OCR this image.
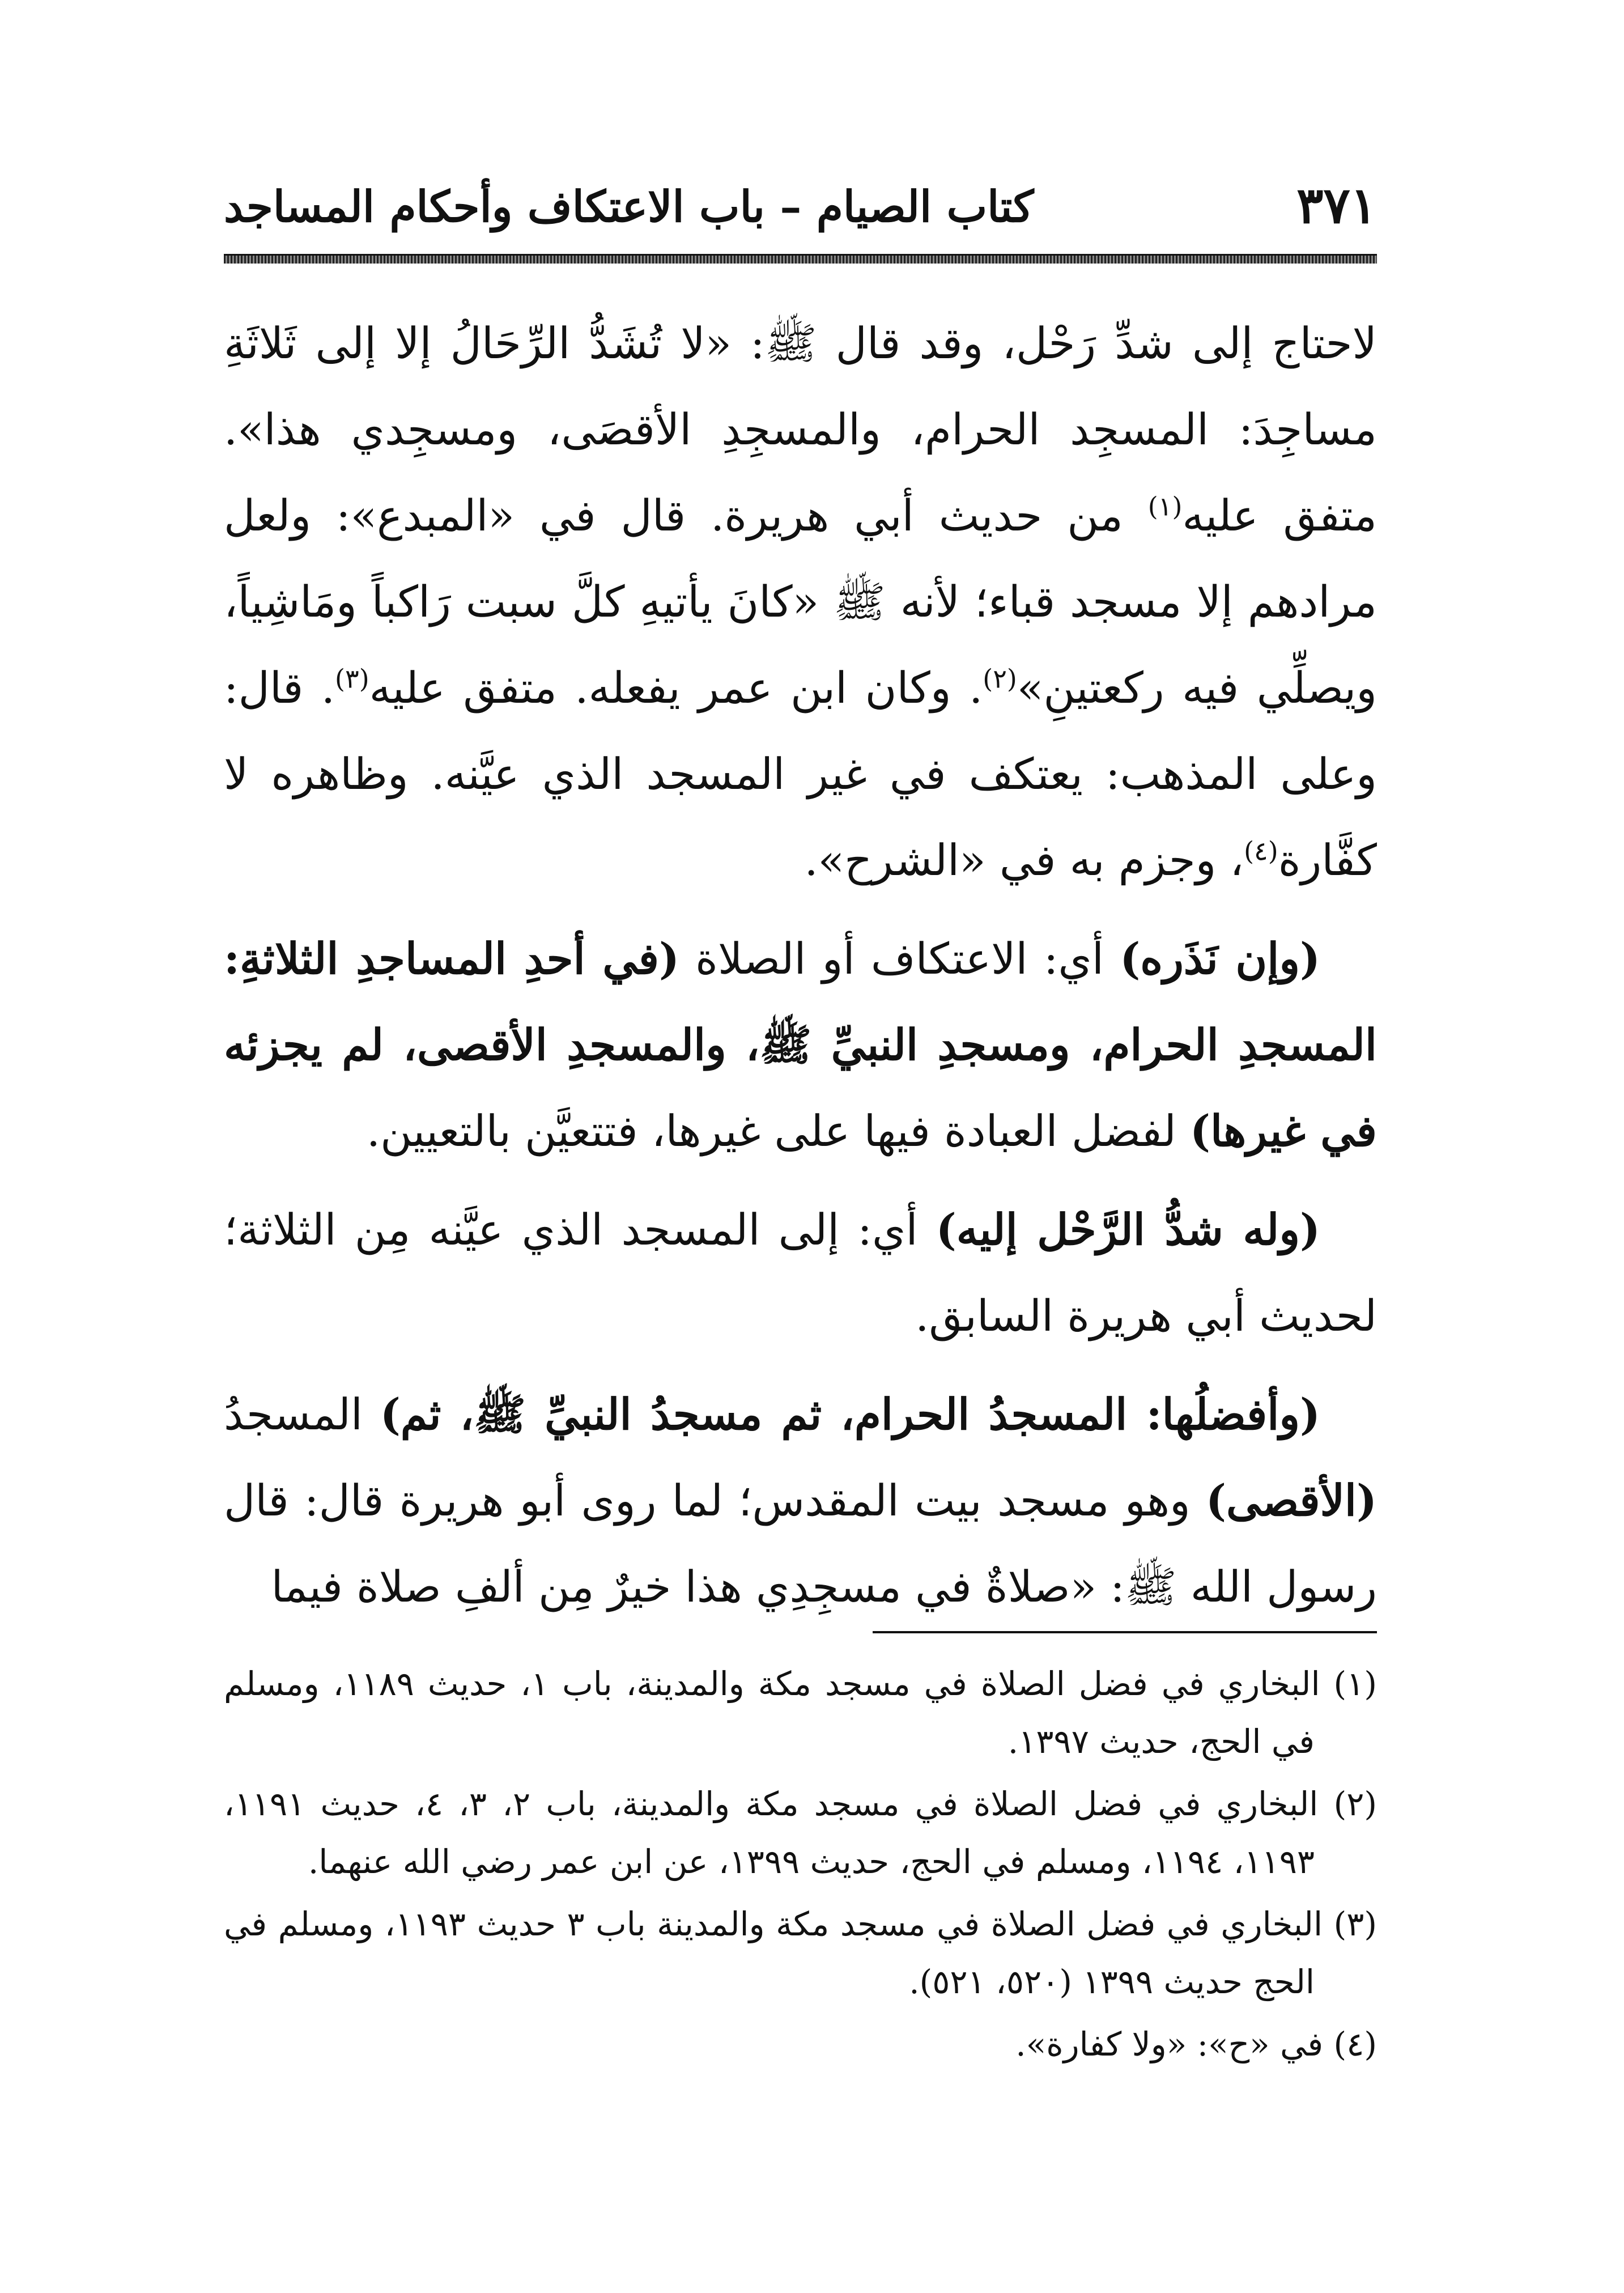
كتاب الصيام – باب الاعتكاف وأحكام المساجد	٣٧١

لاحتاج إلى شدِّ رَحْل، وقد قال ﷺ: «لا تُشَدُّ الرِّحَالُ إلا إلى ثَلاثَةِ مساجِدَ: المسجِد الحرام، والمسجِدِ الأقصَى، ومسجِدي هذا». متفق عليه$^{(١)}$ من حديث أبي هريرة. قال في «المبدع»: ولعل مرادهم إلا مسجد قباء؛ لأنه ﷺ «كانَ يأتيهِ كلَّ سبت رَاكباً ومَاشِياً، ويصلِّي فيه ركعتينِ»$^{(٢)}$. وكان ابن عمر يفعله. متفق عليه$^{(٣)}$. قال: وعلى المذهب: يعتكف في غير المسجد الذي عيَّنه. وظاهره لا كفَّارة$^{(٤)}$، وجزم به في «الشرح».

(وإن نَذَره) أي: الاعتكاف أو الصلاة (في أحدِ المساجدِ الثلاثةِ: المسجدِ الحرام، ومسجدِ النبيِّ ﷺ، والمسجدِ الأقصى، لم يجزئه في غيرها) لفضل العبادة فيها على غيرها، فتتعيَّن بالتعيين.

(وله شدُّ الرَّحْل إليه) أي: إلى المسجد الذي عيَّنه مِن الثلاثة؛ لحديث أبي هريرة السابق.

(وأفضلُها: المسجدُ الحرام، ثم مسجدُ النبيِّ ﷺ، ثم) المسجدُ (الأقصى) وهو مسجد بيت المقدس؛ لما روى أبو هريرة قال: قال رسول الله ﷺ: «صلاةٌ في مسجِدِي هذا خيرٌ مِن ألفِ صلاة فيما

(١) البخاري في فضل الصلاة في مسجد مكة والمدينة، باب ١، حديث ١١٨٩، ومسلم في الحج، حديث ١٣٩٧.

(٢) البخاري في فضل الصلاة في مسجد مكة والمدينة، باب ٢، ٣، ٤، حديث ١١٩١، ١١٩٣، ١١٩٤، ومسلم في الحج، حديث ١٣٩٩، عن ابن عمر رضي الله عنهما.

(٣) البخاري في فضل الصلاة في مسجد مكة والمدينة باب ٣ حديث ١١٩٣، ومسلم في الحج حديث ١٣٩٩ (٥٢٠، ٥٢١).

(٤) في «ح»: «ولا كفارة».
